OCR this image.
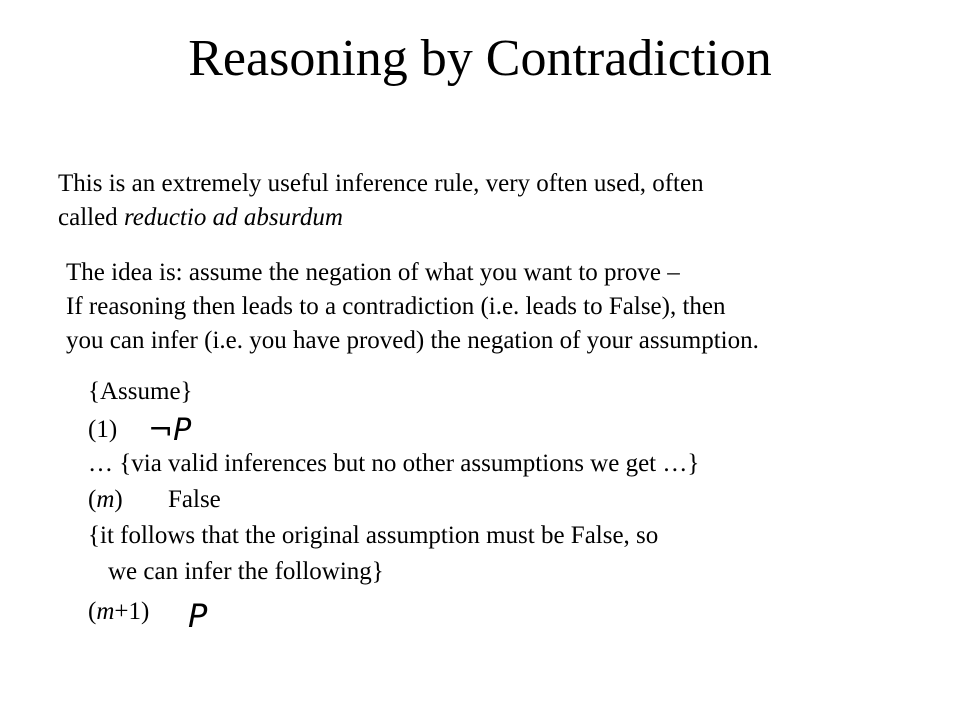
Reasoning by Contradiction
This is an extremely useful inference rule, very often used, often
called reductio ad absurdum
The idea is: assume the negation of what you want to prove –
If reasoning then leads to a contradiction (i.e. leads to False), then
you can infer (i.e. you have proved) the negation of your assumption.
{Assume}
(1) ¬P
… {via valid inferences but no other assumptions we get …}
(m) False
{it follows that the original assumption must be False, so
we can infer the following}
(m+1) P
